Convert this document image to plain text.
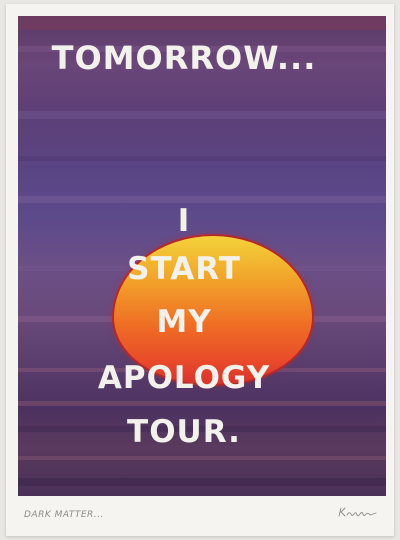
TOMORROW...
I
START
MY
APOLOGY
TOUR.
DARK MATTER...
